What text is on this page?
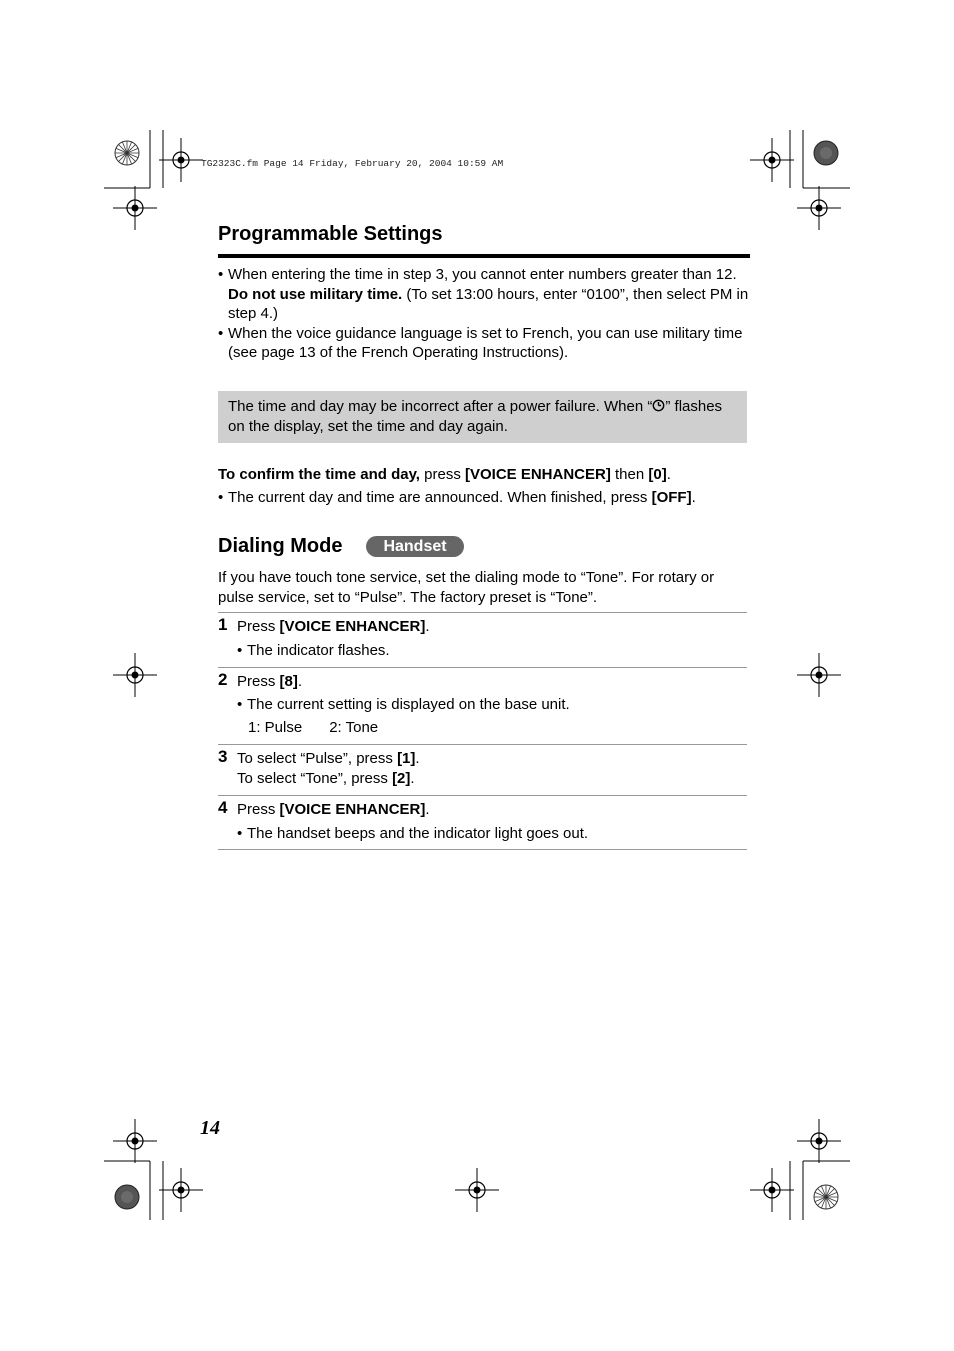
TG2323C.fm Page 14 Friday, February 20, 2004 10:59 AM
Programmable Settings
• When entering the time in step 3, you cannot enter numbers greater than 12. Do not use military time. (To set 13:00 hours, enter “0100”, then select PM in step 4.)
• When the voice guidance language is set to French, you can use military time (see page 13 of the French Operating Instructions).
The time and day may be incorrect after a power failure. When “ ” flashes on the display, set the time and day again.
To confirm the time and day, press [VOICE ENHANCER] then [0].
• The current day and time are announced. When finished, press [OFF].
Dialing Mode	Handset
If you have touch tone service, set the dialing mode to “Tone”. For rotary or pulse service, set to “Pulse”. The factory preset is “Tone”.
1 Press [VOICE ENHANCER].
• The indicator flashes.
2 Press [8].
• The current setting is displayed on the base unit.
1: Pulse 2: Tone
3 To select “Pulse”, press [1].
To select “Tone”, press [2].
4 Press [VOICE ENHANCER].
• The handset beeps and the indicator light goes out.
14
